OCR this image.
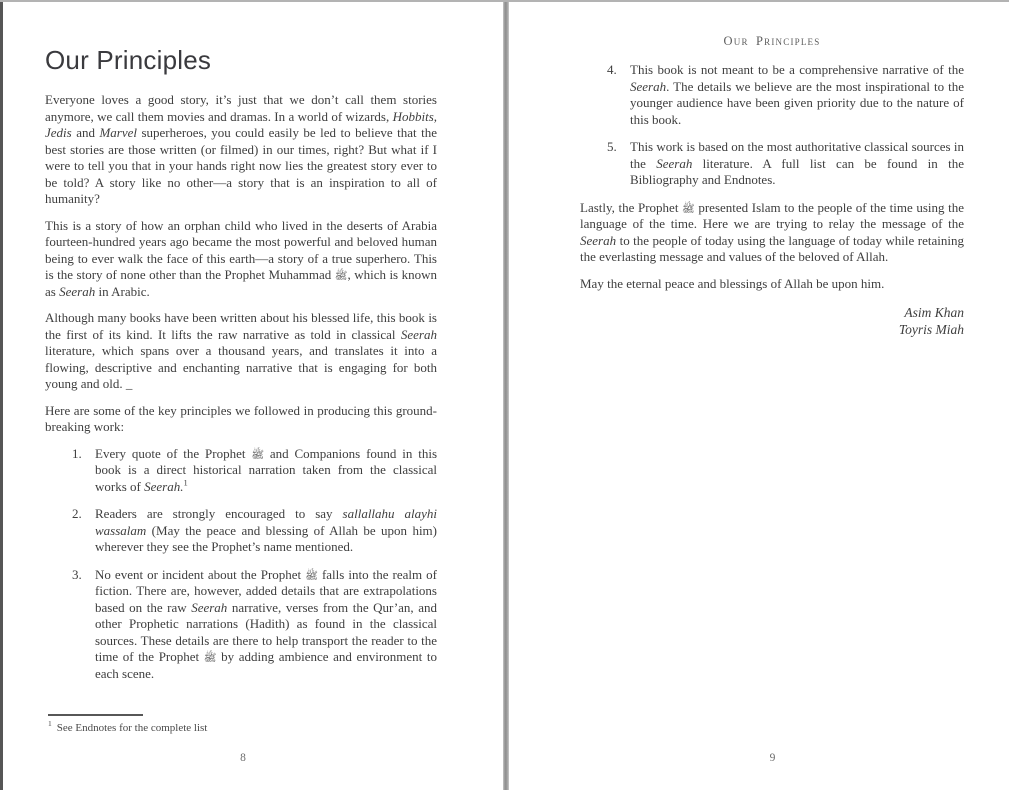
Our Principles

Everyone loves a good story, it’s just that we don’t call them stories anymore, we call them movies and dramas. In a world of wizards, Hobbits, Jedis and Marvel superheroes, you could easily be led to believe that the best stories are those written (or filmed) in our times, right? But what if I were to tell you that in your hands right now lies the greatest story ever to be told? A story like no other—a story that is an inspiration to all of humanity?

This is a story of how an orphan child who lived in the deserts of Arabia fourteen-hundred years ago became the most powerful and beloved human being to ever walk the face of this earth—a story of a true superhero. This is the story of none other than the Prophet Muhammad ﷺ, which is known as Seerah in Arabic.

Although many books have been written about his blessed life, this book is the first of its kind. It lifts the raw narrative as told in classical Seerah literature, which spans over a thousand years, and translates it into a flowing, descriptive and enchanting narrative that is engaging for both young and old. _

Here are some of the key principles we followed in producing this ground-breaking work:

1.	Every quote of the Prophet ﷺ and Companions found in this book is a direct historical narration taken from the classical works of Seerah.$^1$
2.	Readers are strongly encouraged to say sallallahu alayhi wassalam (May the peace and blessing of Allah be upon him) wherever they see the Prophet’s name mentioned.
3.	No event or incident about the Prophet ﷺ falls into the realm of fiction. There are, however, added details that are extrapolations based on the raw Seerah narrative, verses from the Qur’an, and other Prophetic narrations (Hadith) as found in the classical sources. These details are there to help transport the reader to the time of the Prophet ﷺ by adding ambience and environment to each scene.
$^1$ See Endnotes for the complete list
8
Our Principles
4.	This book is not meant to be a comprehensive narrative of the Seerah. The details we believe are the most inspirational to the younger audience have been given priority due to the nature of this book.
5.	This work is based on the most authoritative classical sources in the Seerah literature. A full list can be found in the Bibliography and Endnotes.

Lastly, the Prophet ﷺ presented Islam to the people of the time using the language of the time. Here we are trying to relay the message of the Seerah to the people of today using the language of today while retaining the everlasting message and values of the beloved of Allah.

May the eternal peace and blessings of Allah be upon him.

Asim Khan
Toyris Miah
9
